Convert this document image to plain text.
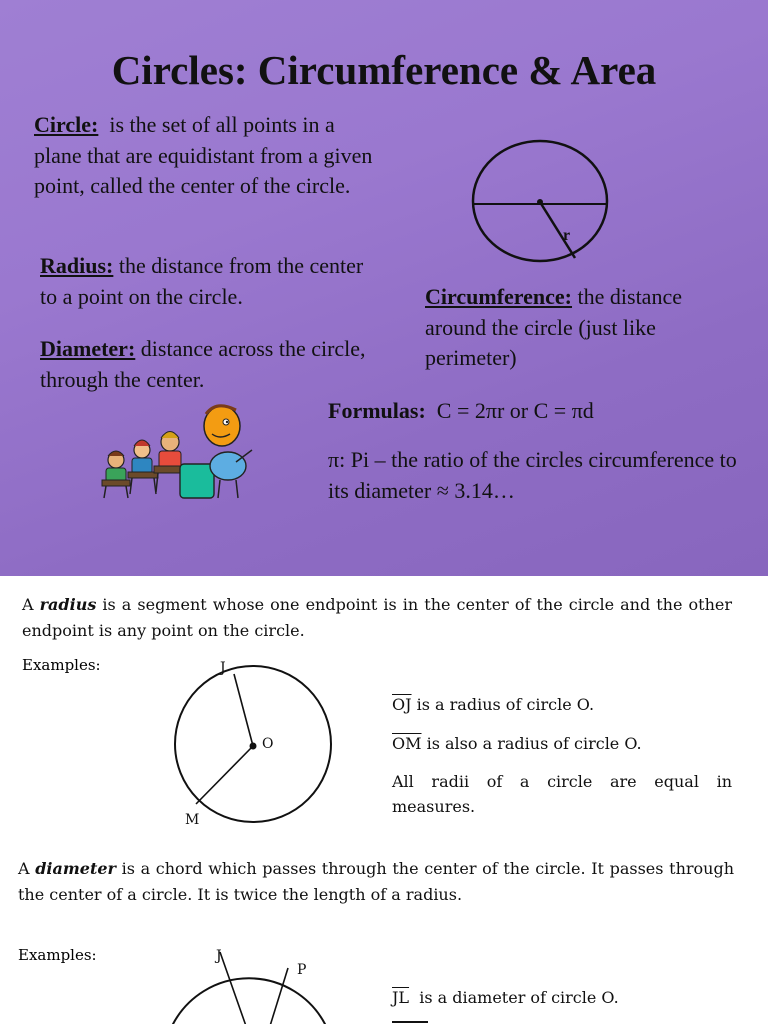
Circles: Circumference & Area
Circle:  is the set of all points in a plane that are equidistant from a given point, called the center of the circle.
r
Radius: the distance from the center to a point on the circle.
Diameter: distance across the circle, through the center.
Circumference: the distance around the circle (just like perimeter)
Formulas:  C = 2πr or C = πd
π: Pi – the ratio of the circles circumference to its diameter ≈ 3.14…

A radius is a segment whose one endpoint is in the center of the circle and the other endpoint is any point on the circle.

Examples:	J
O
M
$\overline{OJ}$ is a radius of circle O.
$\overline{OM}$ is also a radius of circle O.
All radii of a circle are equal in measures.

A diameter is a chord which passes through the center of the circle. It passes through the center of a circle. It is twice the length of a radius.

Examples:	J
P
$\overline{JL}$  is a diameter of circle O.
